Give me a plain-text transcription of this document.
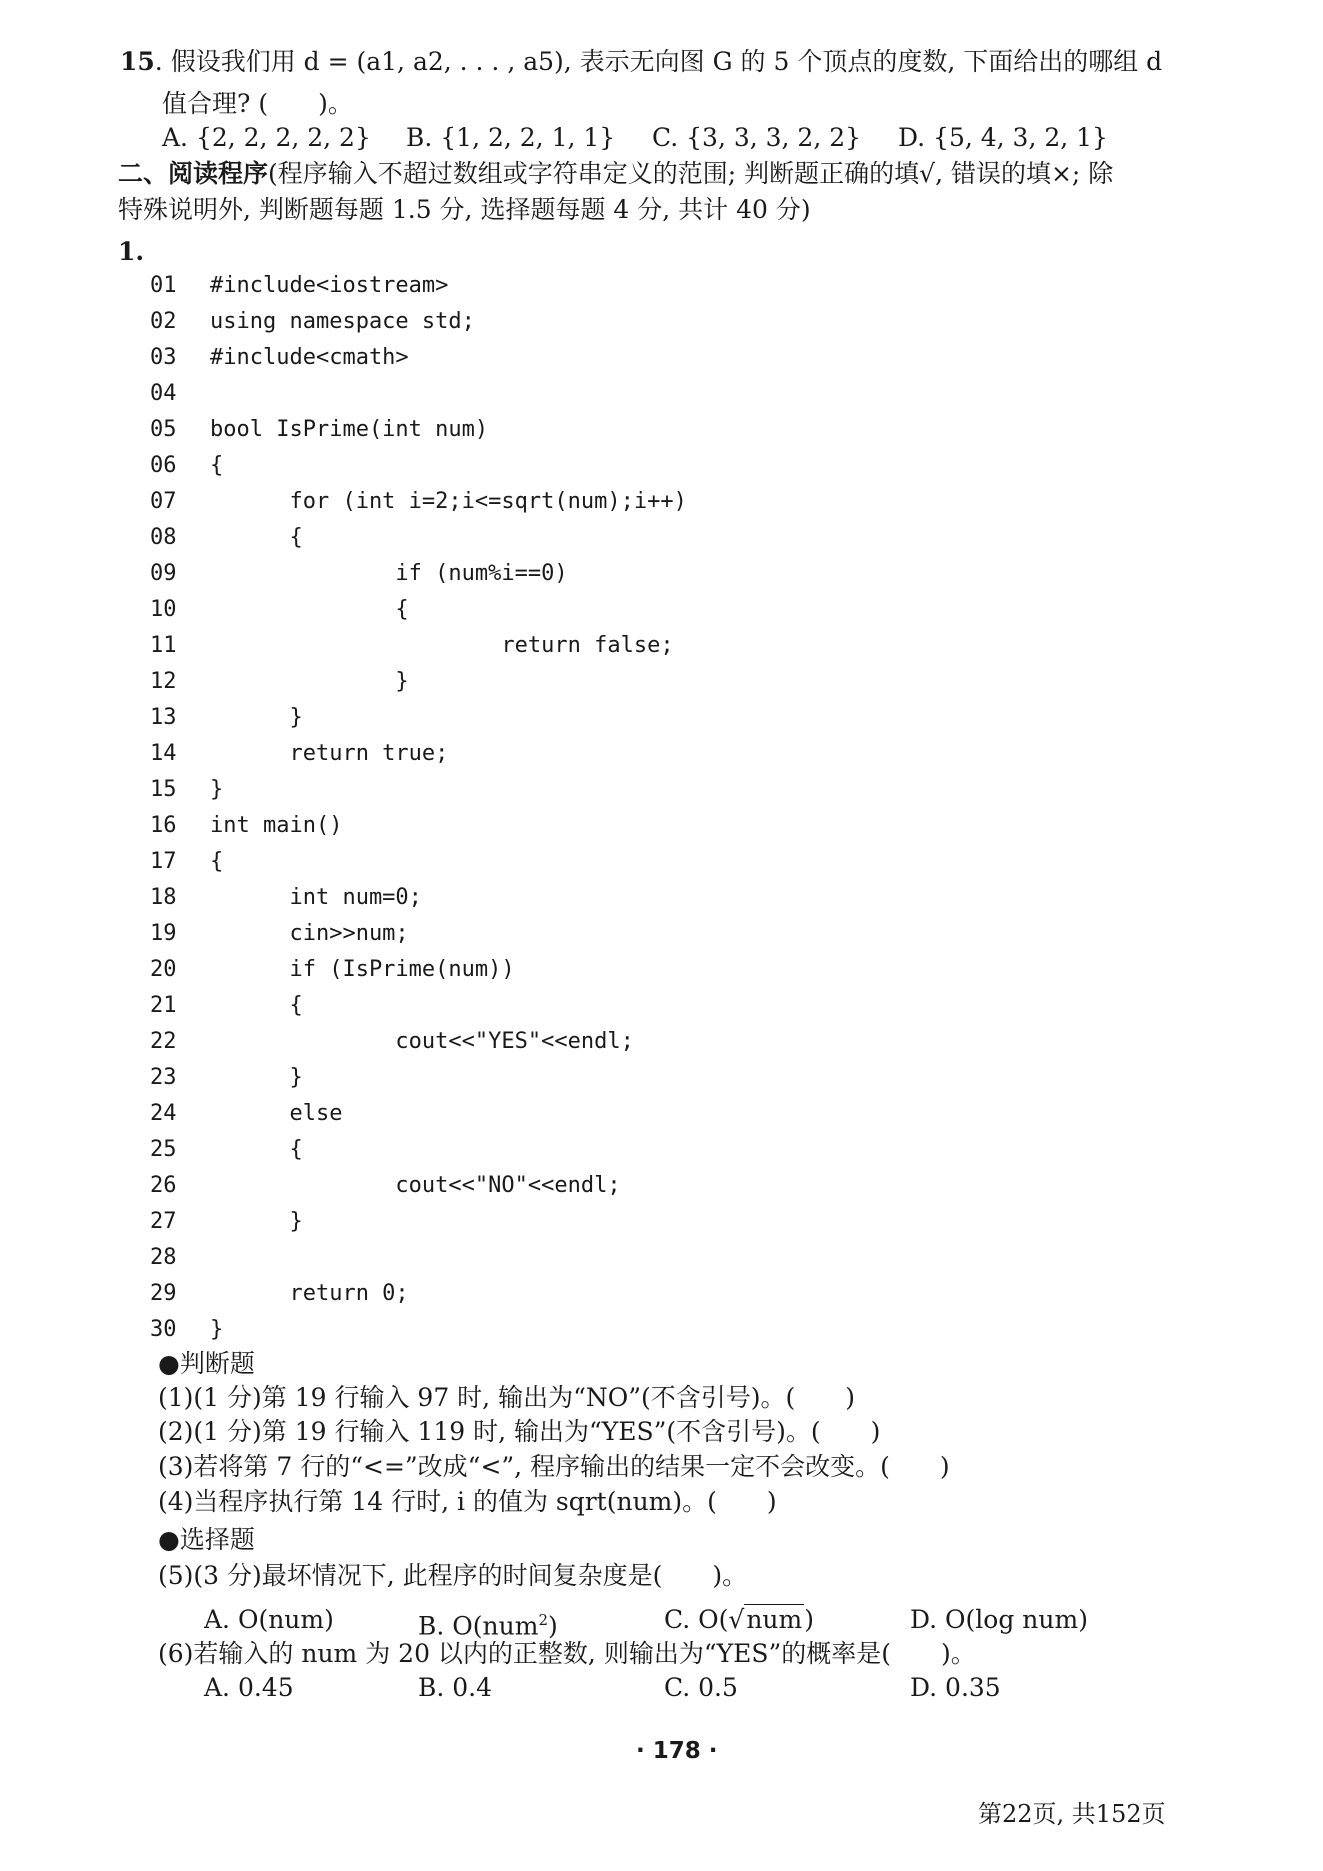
15. 假设我们用 d = (a1, a2, . . . , a5), 表示无向图 G 的 5 个顶点的度数, 下面给出的哪组 d
值合理? (　　)。
A. {2, 2, 2, 2, 2} B. {1, 2, 2, 1, 1} C. {3, 3, 3, 2, 2} D. {5, 4, 3, 2, 1}
二、阅读程序(程序输入不超过数组或字符串定义的范围; 判断题正确的填√, 错误的填×; 除
特殊说明外, 判断题每题 1.5 分, 选择题每题 4 分, 共计 40 分)
1.
01 #include<iostream>
02 using namespace std;
03 #include<cmath>
04
05 bool IsPrime(int num)
06 {
07      for (int i=2;i<=sqrt(num);i++)
08      {
09              if (num%i==0)
10              {
11                      return false;
12              }
13      }
14      return true;
15 }
16 int main()
17 {
18      int num=0;
19      cin>>num;
20      if (IsPrime(num))
21      {
22              cout<<"YES"<<endl;
23      }
24      else
25      {
26              cout<<"NO"<<endl;
27      }
28
29      return 0;
30 }
●判断题
(1)(1 分)第 19 行输入 97 时, 输出为“NO”(不含引号)。(　　)
(2)(1 分)第 19 行输入 119 时, 输出为“YES”(不含引号)。(　　)
(3)若将第 7 行的“<=”改成“<”, 程序输出的结果一定不会改变。(　　)
(4)当程序执行第 14 行时, i 的值为 sqrt(num)。(　　)
●选择题
(5)(3 分)最坏情况下, 此程序的时间复杂度是(　　)。
A. O(num)	B. O(num$^2$)	C. O(√num)	D. O(log num)
(6)若输入的 num 为 20 以内的正整数, 则输出为“YES”的概率是(　　)。
A. 0.45	B. 0.4	C. 0.5	D. 0.35
· 178 ·
第22页, 共152页
